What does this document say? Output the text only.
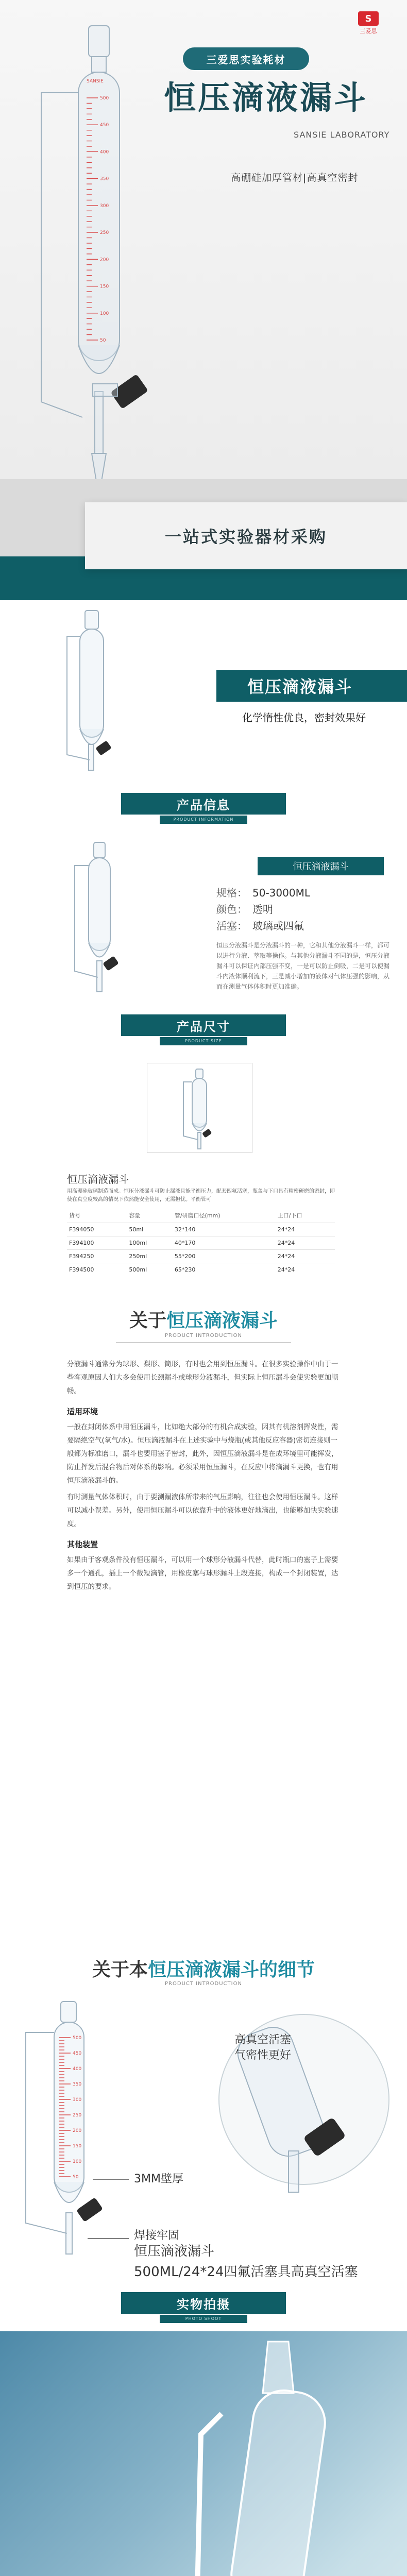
S
三爱思
500
450
400
350
300
250
200
150
100
50
SANSIE
三爱思实验耗材
恒压滴液漏斗
SANSIE LABORATORY
高硼硅加厚管材|高真空密封
一站式实验器材采购
恒压滴液漏斗
化学惰性优良，密封效果好
产品信息
PRODUCT INFORMATION
恒压滴液漏斗
规格： 50-3000ML
颜色： 透明
活塞： 玻璃或四氟
恒压分液漏斗是分液漏斗的一种，它和其他分液漏斗一样，都可以进行分液、萃取等操作。与其他分液漏斗不同的是，恒压分液漏斗可以保证内部压强不变，一是可以防止倒吸，二是可以使漏斗内液体顺利流下，三是减小增加的液体对气体压强的影响，从而在测量气体体积时更加准确。
产品尺寸
PRODUCT SIZE
恒压滴液漏斗
用高硼硅玻璃制造而成。恒压分液漏斗可防止漏液且能平衡压力，配套四氟活塞，瓶盖与下口具有精密研磨的密封，即使在真空度较高的情况下依然能安全使用，无需担忧。平衡管可
货号	容量	管/研磨口径(mm)	上口/下口
F394050	50ml	32*140	24*24
F394100	100ml	40*170	24*24
F394250	250ml	55*200	24*24
F394500	500ml	65*230	24*24
关于恒压滴液漏斗
PRODUCT INTRODUCTION

分液漏斗通常分为球形、梨形、筒形，有时也会用到恒压漏斗。在很多实验操作中由于一些客观原因人们大多会使用长颈漏斗或球形分液漏斗，但实际上恒压漏斗会使实验更加顺畅。

适用环境

一般在封闭体系中用恒压漏斗，比如绝大部分的有机合成实验，因其有机溶剂挥发性，需要隔绝空气(氧气/水)。恒压滴液漏斗在上述实验中与烧瓶(或其他反应容器)密切连接则一般都为标准磨口，漏斗也要用塞子密封，此外，因恒压滴液漏斗是在成环境里可能挥发，防止挥发后混合物后对体系的影响。必须采用恒压漏斗，在反应中将滴漏斗更换，也有用恒压滴液漏斗的。

有时测量气体体积时，由于要测漏液体所带来的气压影响，往往也会使用恒压漏斗。这样可以减小误差。另外，使用恒压漏斗可以依靠升中的液体更好地滴出，也能够加快实验速度。

其他装置

如果由于客观条件没有恒压漏斗，可以用一个球形分液漏斗代替，此时瓶口的塞子上需要多一个通孔，插上一个截短滴管，用橡皮塞与球形漏斗上段连接，构成一个封闭装置，达到恒压的要求。

关于本恒压滴液漏斗的细节
PRODUCT INTRODUCTION
500
450
400
350
300
250
200
150
100
50
高真空活塞
气密性更好
3MM壁厚
焊接牢固
恒压滴液漏斗
500ML/24*24四氟活塞具高真空活塞
实物拍摄
PHOTO SHOOT
